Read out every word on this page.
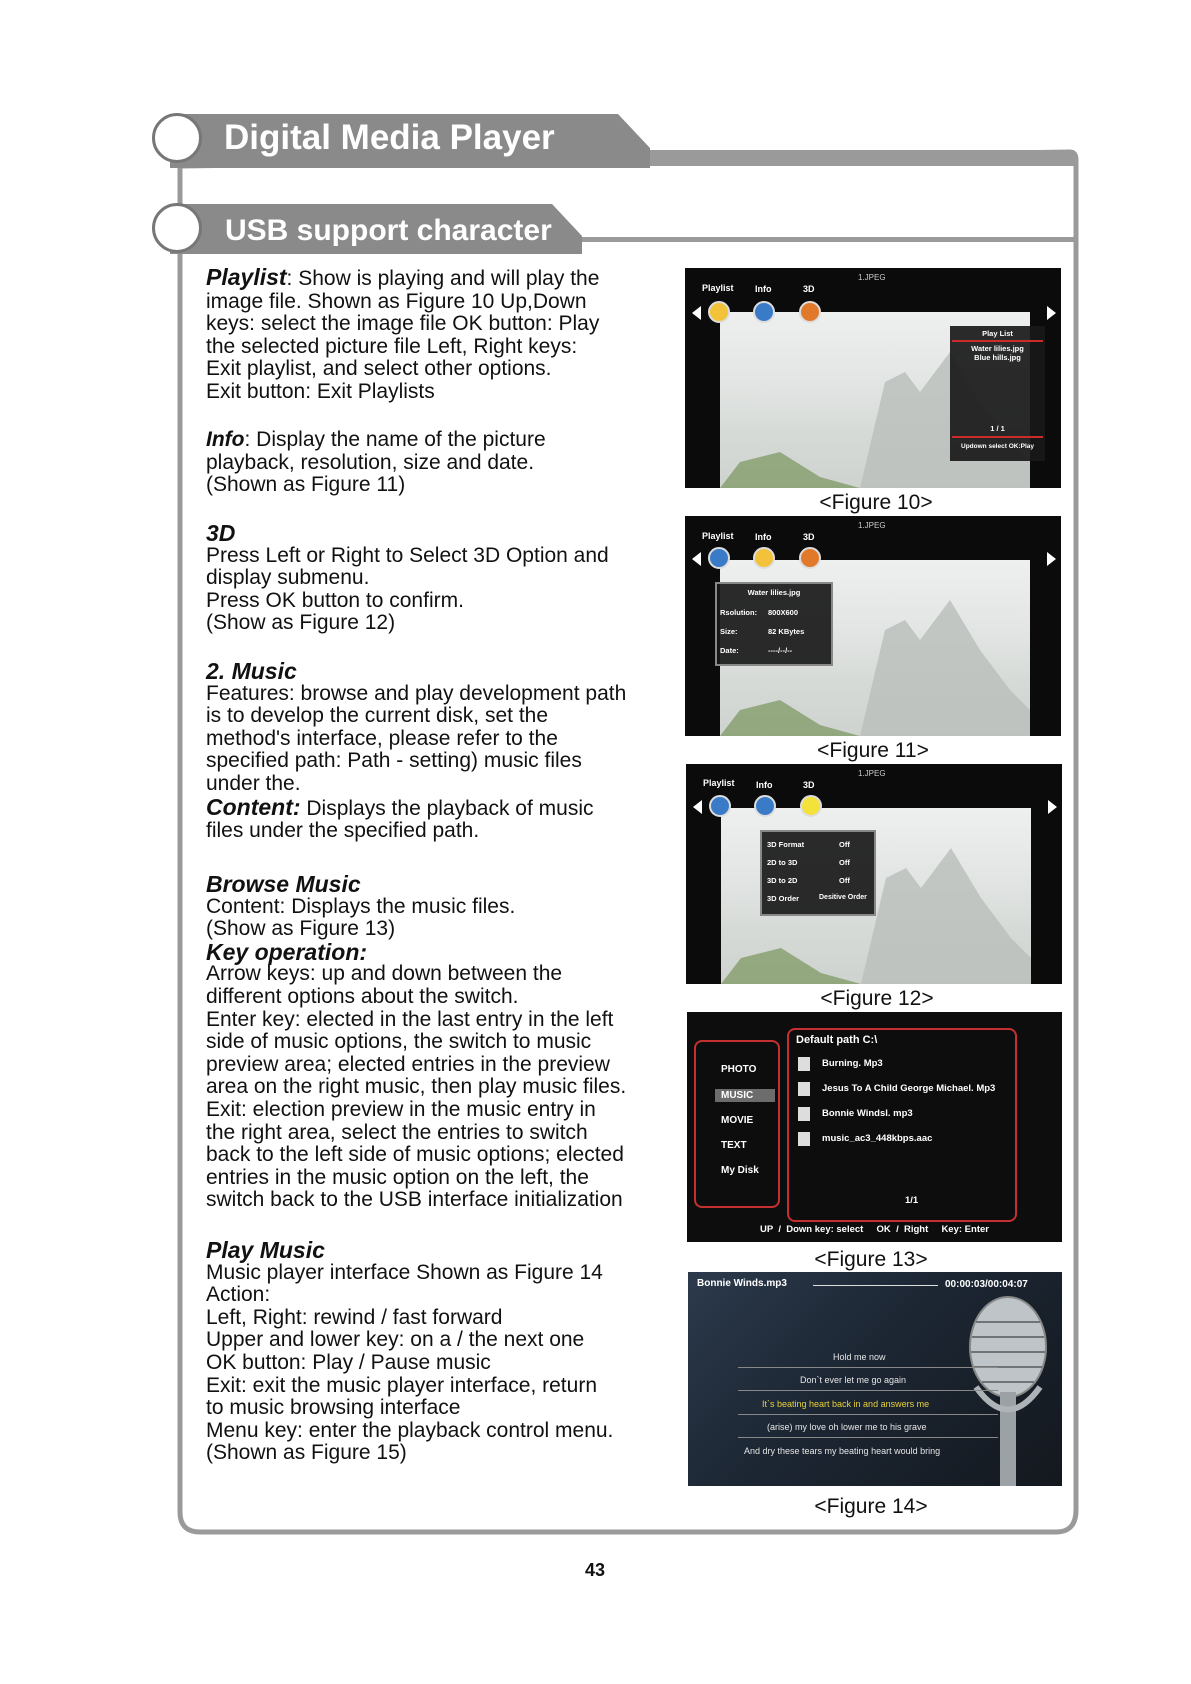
Digital Media Player
USB support character
Playlist: Show is playing and will play the
image file. Shown as Figure 10 Up,Down
keys: select the image file OK button: Play
the selected picture file Left, Right keys:
Exit playlist, and select other options.
Exit button: Exit Playlists
Info: Display the name of the picture
playback, resolution, size and date.
(Shown as Figure 11)
3D
Press Left or Right to Select 3D Option and
display submenu.
Press OK button to confirm.
(Show as Figure 12)
2. Music
Features: browse and play development path
is to develop the current disk, set the
method's interface, please refer to the
specified path: Path - setting) music files
under the.
Content: Displays the playback of music
files under the specified path.
Browse Music
Content: Displays the music files.
(Show as Figure 13)
Key operation:
Arrow keys: up and down between the
different options about the switch.
Enter key: elected in the last entry in the left
side of music options, the switch to music
preview area; elected entries in the preview
area on the right music, then play music files.
Exit: election preview in the music entry in
the right area, select the entries to switch
back to the left side of music options; elected
entries in the music option on the left, the
switch back to the USB interface initialization
Play Music
Music player interface Shown as Figure 14
Action:
Left, Right: rewind / fast forward
Upper and lower key: on a / the next one
OK button: Play / Pause music
Exit: exit the music player interface, return
to music browsing interface
Menu key: enter the playback control menu.
(Shown as Figure 15)
Playlist Info	3D
1.JPEG
Play List
Water lilies.jpg
Blue hills.jpg
1 / 1
Updown select OK:Play
<Figure 10>
Playlist Info	3D
1.JPEG
Water lilies.jpg
Rsolution: 800X600
Size:	82 KBytes
Date:	----/--/--
<Figure 11>
Playlist Info	3D
1.JPEG
3D Format	Off
2D to 3D	Off
3D to 2D	Off
3D Order	Desitive Order
<Figure 12>
PHOTO
MUSIC
MOVIE
TEXT
My Disk
Default path C:\
Burning. Mp3
Jesus To A Child George Michael. Mp3
Bonnie Windsl. mp3
music_ac3_448kbps.aac
1/1
UP  /  Down key: select     OK  /  Right     Key: Enter
<Figure 13>
Bonnie Winds.mp3	00:00:03/00:04:07
Hold me now
Don`t ever let me go again
It`s beating heart back in and answers me
(arise) my love oh lower me to his grave
And dry these tears my beating heart would bring
<Figure 14>
43
